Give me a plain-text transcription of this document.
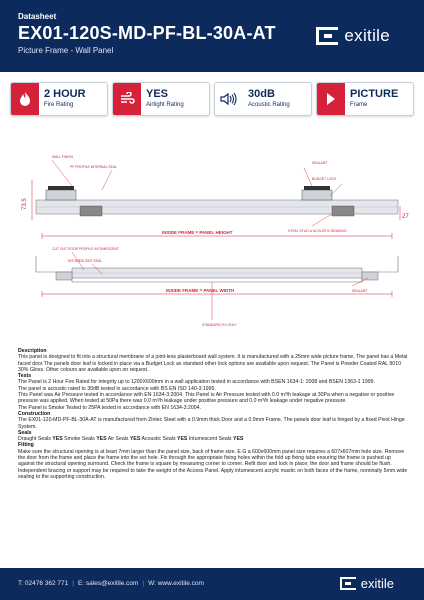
Datasheet
EX01-120S-MD-PF-BL-30A-AT
Picture Frame - Wall Panel
exitile
2 HOUR
Fire Rating
YES
Airtight Rating
30dB
Acoustic Rating
PICTURE
Frame
73.5
27
WALL FINISH
PF PROFILE INTERNAL SEAL
SEALANT
BUDGET LOCK
STEEL STUD & ACOUSTIC BEADING
INSIDE FRAME = PANEL HEIGHT
CUT OUT DOOR PROFILE INTUMESCENT
INTUMESCENT SEAL
SEALANT
INSIDE FRAME = PANEL WIDTH
STANDARD FIX ONLY
Description
This panel is designed to fit into a structural membrane of a joint-less plasterboard wall system. It is manufactured with a 25mm wide picture frame, The panel has a Metal faced door.The panels door leaf is locked in place via a Budget Lock as standard other lock options are available upon request. The Panel is Powder Coated RAL 9010 30% Gloss. Other colours are available upon on request.
Tests
The Panel is 2 Hour Fire Rated for integrity up to 1200X600mm in a wall application tested in accordance with BSEN 1634-1: 2008 and BSEN 1363-1 1999.
The panel is acoustic rated to 30dB tested in accordance with BS EN ISO 140-3:1995.
This Panel was Air Pressure tested in accordance with EN 1634-3:2004. This Panel is Air Pressure tested with 0.0 m³/h leakage at 30Pa when a negative or positive pressure was applied. When tested at 50Pa there was 0.0 m³/h leakage under positive pressure and 0.0 m³/h leakage under negative pressure.
The Panel is Smoke Tested to 25PA tested in accordance with EN 1634-3:2004.
Construction
The EX01-120-MD-PF-BL-30A-AT is manufactured from Zintec Steel with a 0.9mm thick Door and a 0.9mm Frame. The panels door leaf is hinged by a fixed Pivot Hinge System.
Seals
Draught Seals YES Smoke Seals YES Air Seals YES Acoustic Seals YES Intumescent Seals YES
Fitting
Make sure the structural opening is at least 7mm larger than the panel size, back of frame size. E.G a 600x600mm panel size requires a 607x607mm hole size. Remove the door from the frame and place the frame into the set hole. Fix through the appropriate fixing holes within the fold up fixing tabs ensuring the frame is pushed up against the structural opening surround. Check the frame is square by measuring corner to corner. Refit door and lock in place; the door and frame should be flush. Independent bracing or support may be required to take the weight of the Access Panel. Apply intumescent acrylic mastic on both faces of the frame, nominally 5mm wide sealing to the supporting construction.
T: 02476 362 771 | E: sales@exitile.com | W: www.exitile.com	exitile
